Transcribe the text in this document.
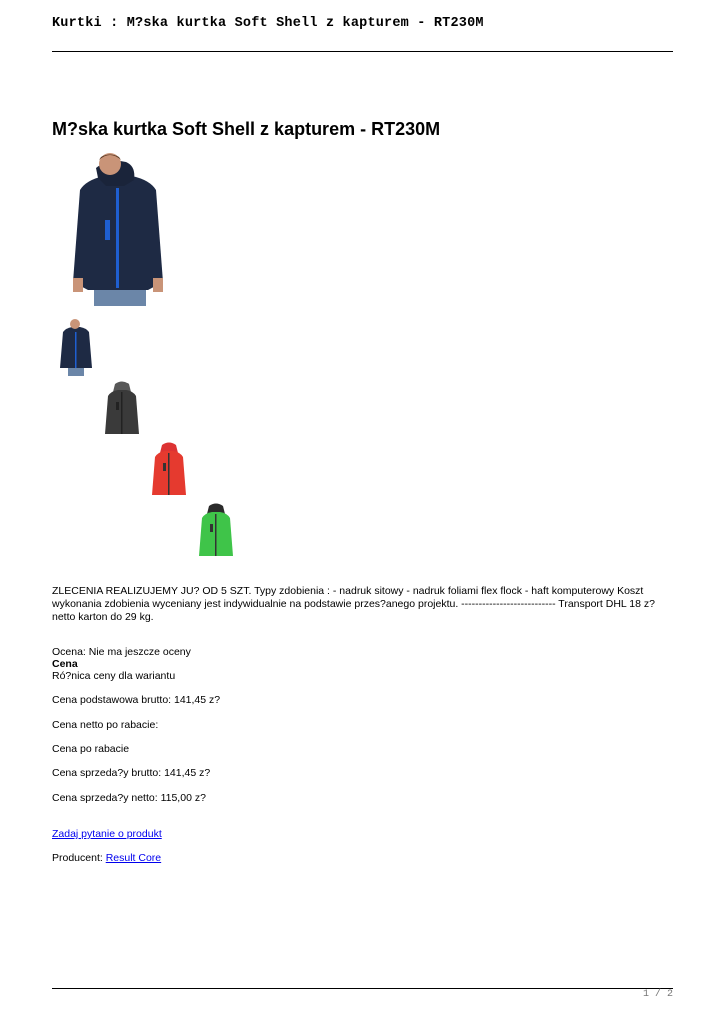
Kurtki : M?ska kurtka Soft Shell z kapturem - RT230M
M?ska kurtka Soft Shell z kapturem - RT230M
ZLECENIA REALIZUJEMY JU? OD 5 SZT. Typy zdobienia : - nadruk sitowy - nadruk foliami flex flock - haft komputerowy Koszt wykonania zdobienia wyceniany jest indywidualnie na podstawie przes?anego projektu. --------------------------- Transport DHL 18 z? netto karton do 29 kg.
Ocena: Nie ma jeszcze oceny
Cena
Ró?nica ceny dla wariantu
Cena podstawowa brutto: 141,45 z?
Cena netto po rabacie:
Cena po rabacie
Cena sprzeda?y brutto: 141,45 z?
Cena sprzeda?y netto: 115,00 z?
Zadaj pytanie o produkt
Producent: Result Core
1 / 2
